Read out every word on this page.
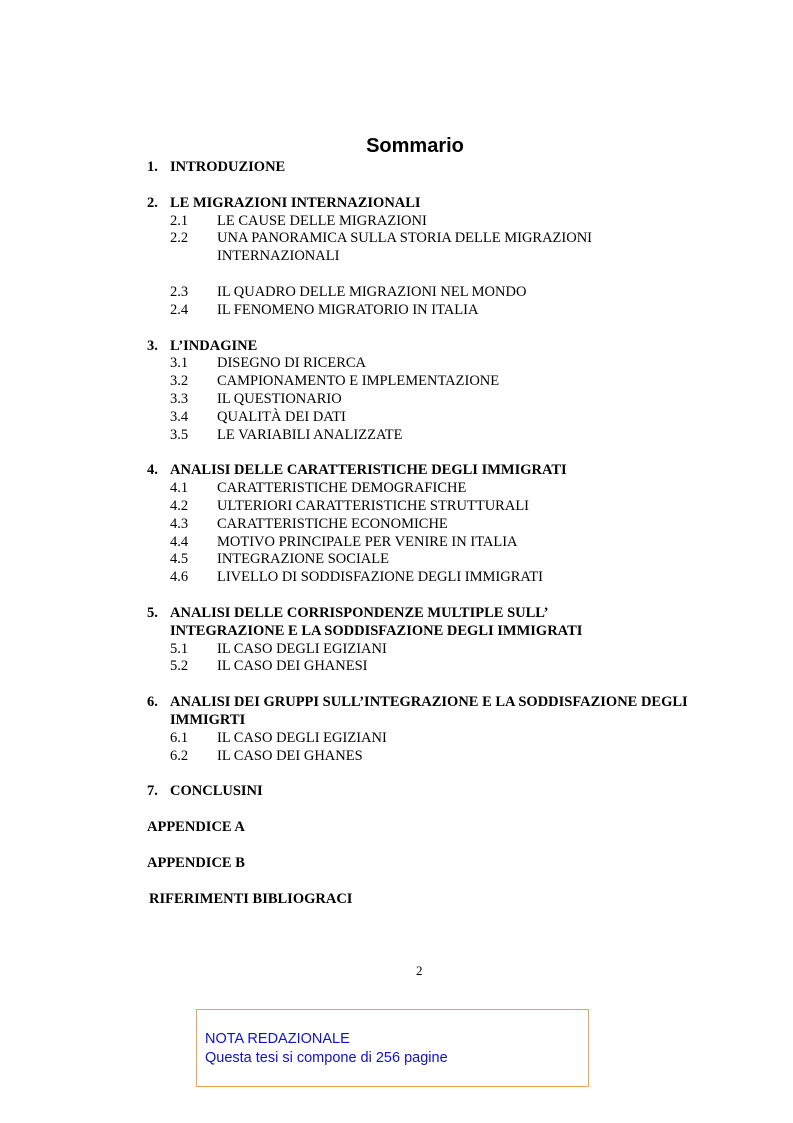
Sommario
1. INTRODUZIONE
2. LE MIGRAZIONI INTERNAZIONALI
2.1	LE CAUSE DELLE MIGRAZIONI
2.2	UNA PANORAMICA SULLA STORIA DELLE MIGRAZIONI INTERNAZIONALI
2.3	IL QUADRO DELLE MIGRAZIONI NEL MONDO
2.4	IL FENOMENO MIGRATORIO IN ITALIA
3. L’INDAGINE
3.1	DISEGNO DI RICERCA
3.2	CAMPIONAMENTO E IMPLEMENTAZIONE
3.3	IL QUESTIONARIO
3.4	QUALITÀ DEI DATI
3.5	LE VARIABILI ANALIZZATE
4. ANALISI DELLE CARATTERISTICHE DEGLI IMMIGRATI
4.1	CARATTERISTICHE DEMOGRAFICHE
4.2	ULTERIORI CARATTERISTICHE STRUTTURALI
4.3	CARATTERISTICHE ECONOMICHE
4.4	MOTIVO PRINCIPALE PER VENIRE IN ITALIA
4.5	INTEGRAZIONE SOCIALE
4.6	LIVELLO DI SODDISFAZIONE DEGLI IMMIGRATI
5. ANALISI DELLE CORRISPONDENZE MULTIPLE SULL’ INTEGRAZIONE E LA SODDISFAZIONE DEGLI IMMIGRATI
5.1	IL CASO DEGLI EGIZIANI
5.2	IL CASO DEI GHANESI
6. ANALISI DEI GRUPPI SULL’INTEGRAZIONE E LA SODDISFAZIONE DEGLI IMMIGRTI
6.1	IL CASO DEGLI EGIZIANI
6.2	IL CASO DEI GHANES
7. CONCLUSINI
APPENDICE A
APPENDICE B
RIFERIMENTI BIBLIOGRACI
2
NOTA REDAZIONALE
Questa tesi si compone di 256 pagine
